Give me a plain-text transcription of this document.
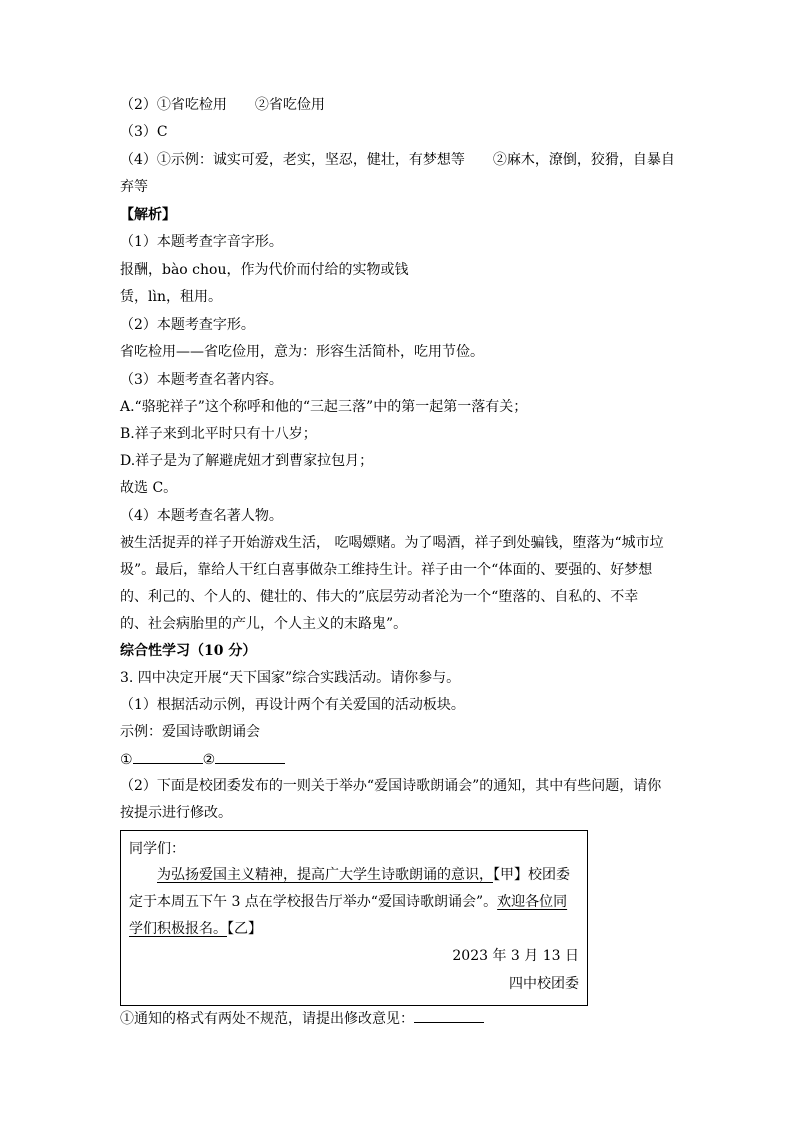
（2）①省吃检用　　②省吃俭用
（3）C
（4）①示例：诚实可爱，老实，坚忍，健壮，有梦想等　　②麻木，潦倒，狡猾，自暴自
弃等
【解析】
（1）本题考查字音字形。
报酬，bào chou，作为代价而付给的实物或钱
赁，lìn，租用。
（2）本题考查字形。
省吃检用——省吃俭用，意为：形容生活简朴，吃用节俭。
（3）本题考查名著内容。
A.“骆驼祥子”这个称呼和他的“三起三落”中的第一起第一落有关；
B.祥子来到北平时只有十八岁；
D.祥子是为了解避虎妞才到曹家拉包月；
故选 C。
（4）本题考查名著人物。
被生活捉弄的祥子开始游戏生活， 吃喝嫖赌。为了喝酒，祥子到处骗钱，堕落为“城市垃
圾”。最后，靠给人干红白喜事做杂工维持生计。祥子由一个“体面的、要强的、好梦想
的、利己的、个人的、健壮的、伟大的”底层劳动者沦为一个“堕落的、自私的、不幸
的、社会病胎里的产儿，个人主义的末路鬼”。
综合性学习（10 分）
3. 四中决定开展“天下国家”综合实践活动。请你参与。
（1）根据活动示例，再设计两个有关爱国的活动板块。
示例：爱国诗歌朗诵会
①	②
（2）下面是校团委发布的一则关于举办“爱国诗歌朗诵会”的通知，其中有些问题，请你
按提示进行修改。
同学们：
为弘扬爱国主义精神，提高广大学生诗歌朗诵的意识，【甲】校团委
定于本周五下午 3 点在学校报告厅举办“爱国诗歌朗诵会”。欢迎各位同
学们积极报名。【乙】
2023 年 3 月 13 日
四中校团委
①通知的格式有两处不规范，请提出修改意见：
